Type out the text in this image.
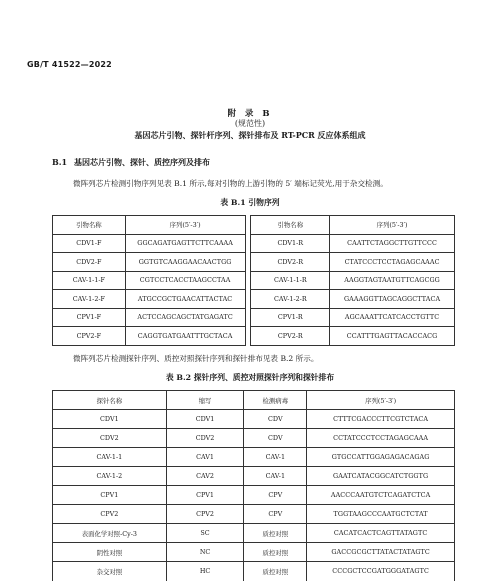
GB/T 41522—2022
附 录 B
(规范性)
基因芯片引物、探针杆序列、探针排布及 RT-PCR 反应体系组成
B.1 基因芯片引物、探针、质控序列及排布
微阵列芯片检测引物序列见表 B.1 所示,每对引物的上游引物的 5′ 端标记荧光,用于杂交检测。
表 B.1 引物序列
引物名称	序列(5′-3′)		引物名称	序列(5′-3′)
CDV1-F	GGCAGATGAGTTCTTCAAAA		CDV1-R	CAATTCTAGGCTTGTTCCC
CDV2-F	GGTGTCAAGGAACAACTGG		CDV2-R	CTATCCCTCCTAGAGCAAAC
CAV-1-1-F	CGTCCTCACCTAAGCCTAA		CAV-1-1-R	AAGGTAGTAATGTTCAGCGG
CAV-1-2-F	ATGCCGCTGAACATTACTAC		CAV-1-2-R	GAAAGGTTAGCAGGCTTACA
CPV1-F	ACTCCAGCAGCTATGAGATC		CPV1-R	AGCAAATTCATCACCTGTTC
CPV2-F	CAGGTGATGAATTTGCTACA		CPV2-R	CCATTTGAGTTACACCACG
微阵列芯片检测探针序列、质控对照探针序列和探针排布见表 B.2 所示。
表 B.2 探针序列、质控对照探针序列和探针排布
探针名称	缩写	检测病毒	序列(5′-3′)
CDV1	CDV1	CDV	CTTTCGACCCTTCGTCTACA
CDV2	CDV2	CDV	CCTATCCCTCCTAGAGCAAA
CAV-1-1	CAV1	CAV-1	GTGCCATTGGAGAGACAGAG
CAV-1-2	CAV2	CAV-1	GAATCATACGGCATCTGGTG
CPV1	CPV1	CPV	AACCCAATGTCTCAGATCTCA
CPV2	CPV2	CPV	TGGTAAGCCCAATGCTCTAT
表面化学对照-Cy-3	SC	质控对照	CACATCACTCAGTTATAGTC
阴性对照	NC	质控对照	GACCGCGCTTATACTATAGTC
杂交对照	HC	质控对照	CCCGCTCCGATGGGATAGTC
